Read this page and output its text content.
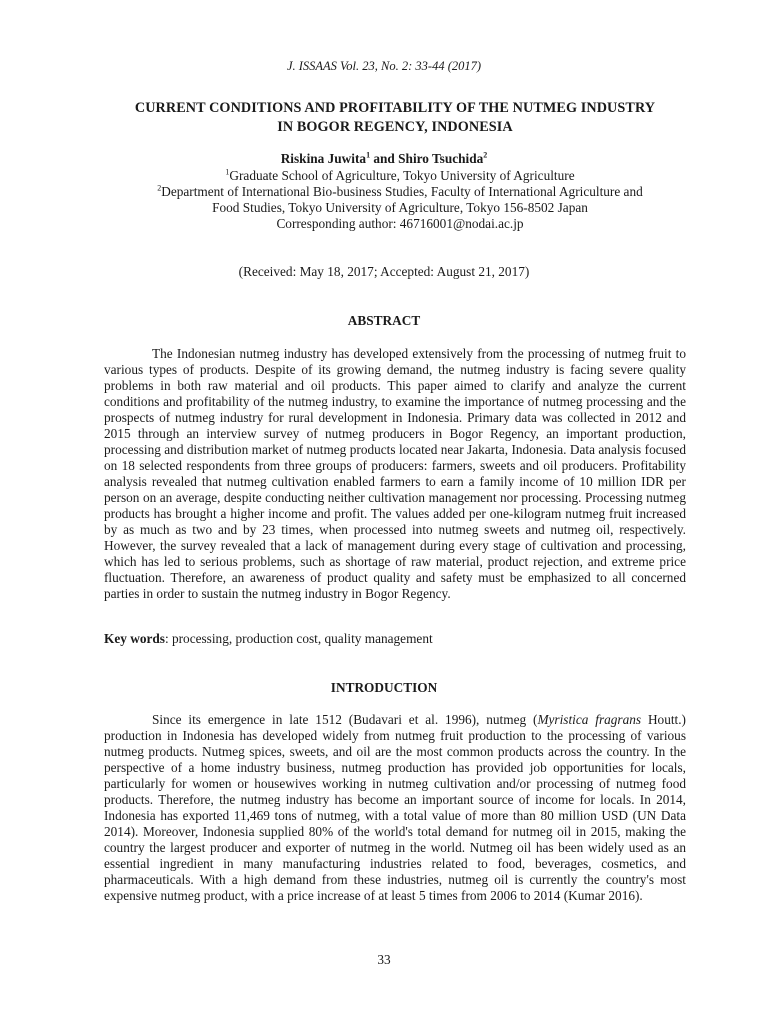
J. ISSAAS Vol. 23, No. 2: 33-44 (2017)
CURRENT CONDITIONS AND PROFITABILITY OF THE NUTMEG INDUSTRY
IN BOGOR REGENCY, INDONESIA
Riskina Juwita$^1$ and Shiro Tsuchida$^2$
$^1$Graduate School of Agriculture, Tokyo University of Agriculture
$^2$Department of International Bio-business Studies, Faculty of International Agriculture and
Food Studies, Tokyo University of Agriculture, Tokyo 156-8502 Japan
Corresponding author: 46716001@nodai.ac.jp
(Received: May 18, 2017; Accepted: August 21, 2017)
ABSTRACT

The Indonesian nutmeg industry has developed extensively from the processing of nutmeg fruit to various types of products. Despite of its growing demand, the nutmeg industry is facing severe quality problems in both raw material and oil products. This paper aimed to clarify and analyze the current conditions and profitability of the nutmeg industry, to examine the importance of nutmeg processing and the prospects of nutmeg industry for rural development in Indonesia. Primary data was collected in 2012 and 2015 through an interview survey of nutmeg producers in Bogor Regency, an important production, processing and distribution market of nutmeg products located near Jakarta, Indonesia. Data analysis focused on 18 selected respondents from three groups of producers: farmers, sweets and oil producers. Profitability analysis revealed that nutmeg cultivation enabled farmers to earn a family income of 10 million IDR per person on an average, despite conducting neither cultivation management nor processing. Processing nutmeg products has brought a higher income and profit. The values added per one-kilogram nutmeg fruit increased by as much as two and by 23 times, when processed into nutmeg sweets and nutmeg oil, respectively. However, the survey revealed that a lack of management during every stage of cultivation and processing, which has led to serious problems, such as shortage of raw material, product rejection, and extreme price fluctuation. Therefore, an awareness of product quality and safety must be emphasized to all concerned parties in order to sustain the nutmeg industry in Bogor Regency.

Key words: processing, production cost, quality management
INTRODUCTION

Since its emergence in late 1512 (Budavari et al. 1996), nutmeg (Myristica fragrans Houtt.) production in Indonesia has developed widely from nutmeg fruit production to the processing of various nutmeg products. Nutmeg spices, sweets, and oil are the most common products across the country. In the perspective of a home industry business, nutmeg production has provided job opportunities for locals, particularly for women or housewives working in nutmeg cultivation and/or processing of nutmeg food products. Therefore, the nutmeg industry has become an important source of income for locals. In 2014, Indonesia has exported 11,469 tons of nutmeg, with a total value of more than 80 million USD (UN Data 2014). Moreover, Indonesia supplied 80% of the world's total demand for nutmeg oil in 2015, making the country the largest producer and exporter of nutmeg in the world. Nutmeg oil has been widely used as an essential ingredient in many manufacturing industries related to food, beverages, cosmetics, and pharmaceuticals. With a high demand from these industries, nutmeg oil is currently the country's most expensive nutmeg product, with a price increase of at least 5 times from 2006 to 2014 (Kumar 2016).

33
